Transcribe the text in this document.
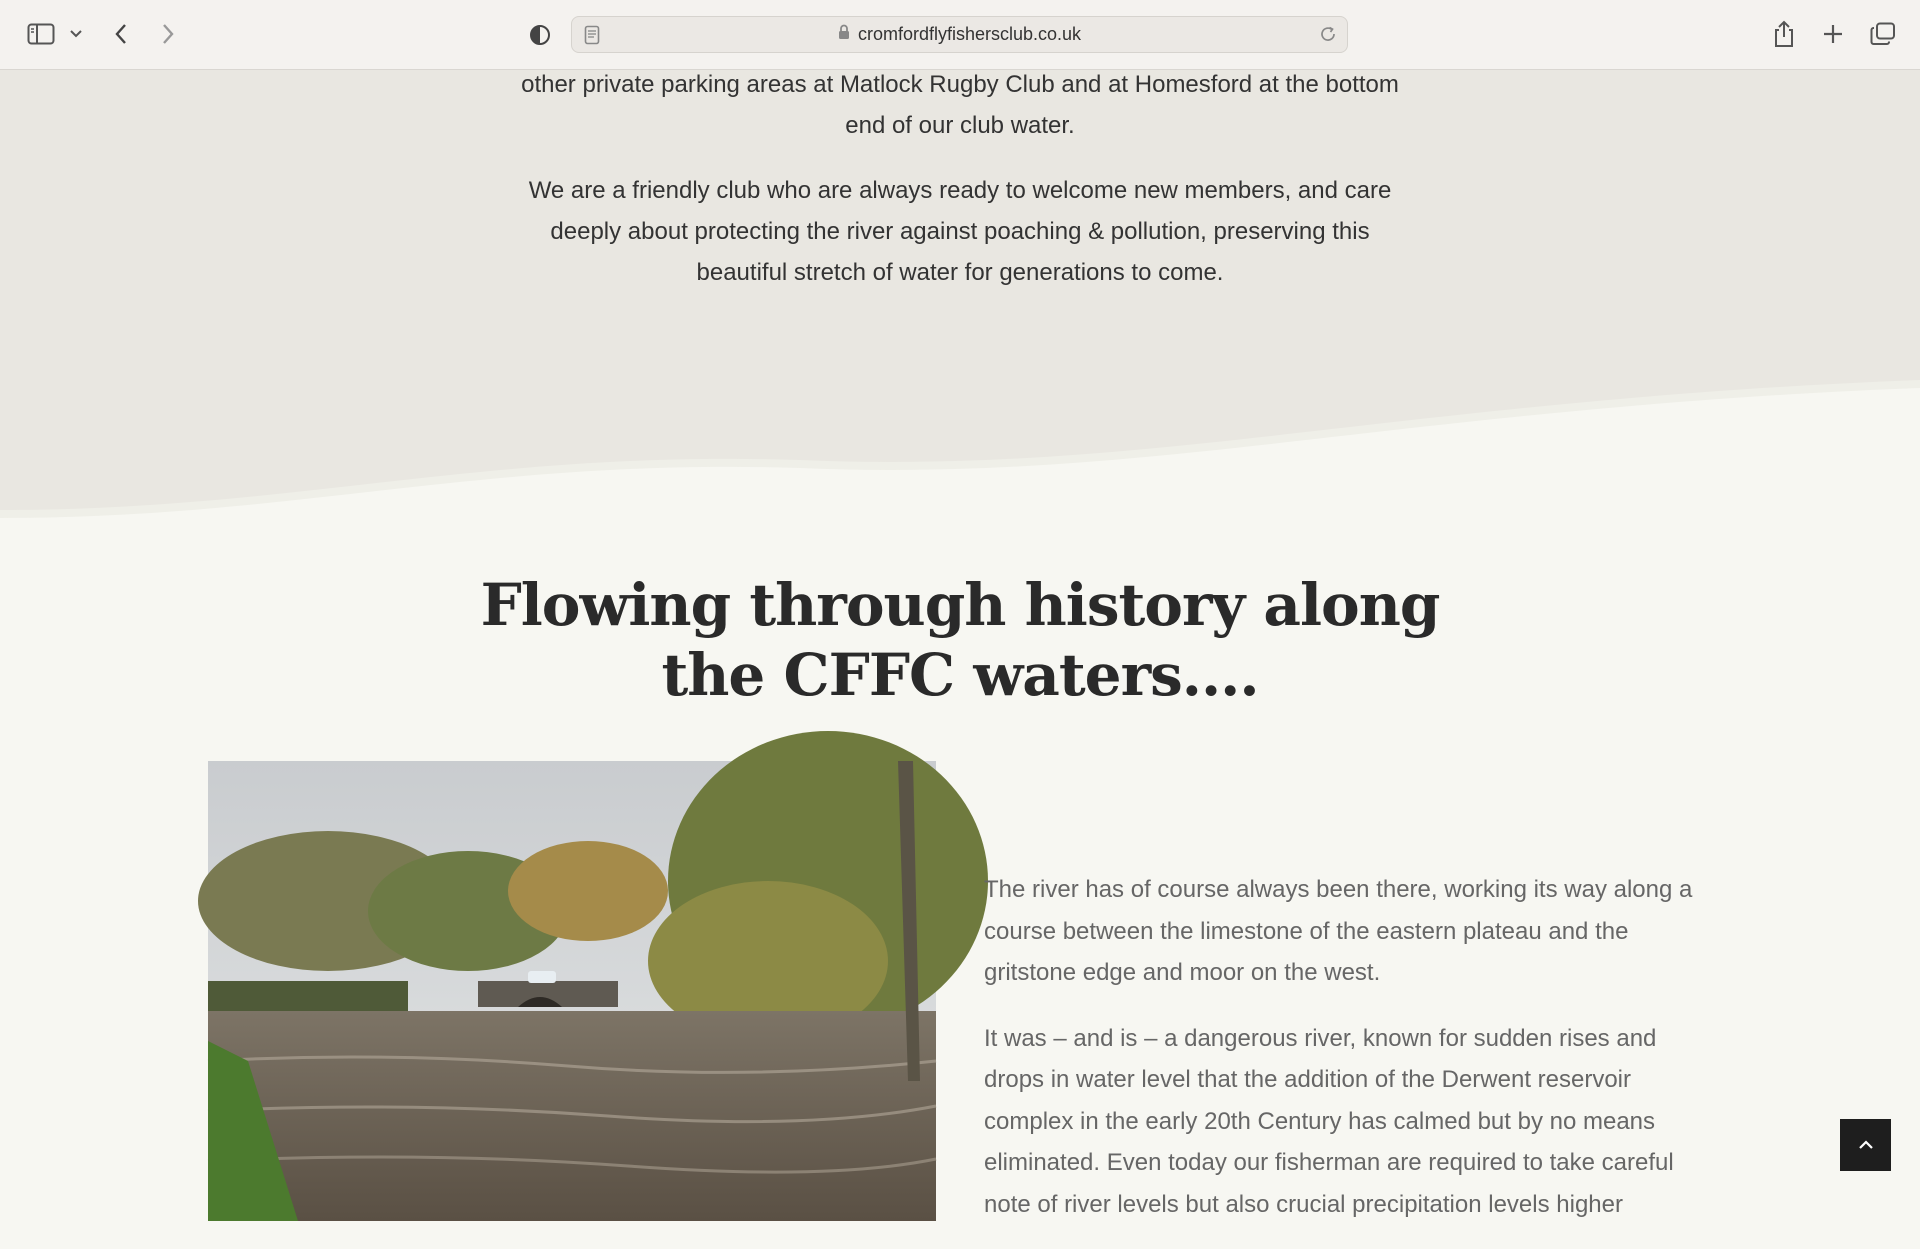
cromfordflyfishersclub.co.uk

other private parking areas at Matlock Rugby Club and at Homesford at the bottom end of our club water.

We are a friendly club who are always ready to welcome new members, and care deeply about protecting the river against poaching & pollution, preserving this beautiful stretch of water for generations to come.

Flowing through history along the CFFC waters....

The river has of course always been there, working its way along a course between the limestone of the eastern plateau and the gritstone edge and moor on the west.

It was – and is – a dangerous river, known for sudden rises and drops in water level that the addition of the Derwent reservoir complex in the early 20th Century has calmed but by no means eliminated. Even today our fisherman are required to take careful note of river levels but also crucial precipitation levels higher
